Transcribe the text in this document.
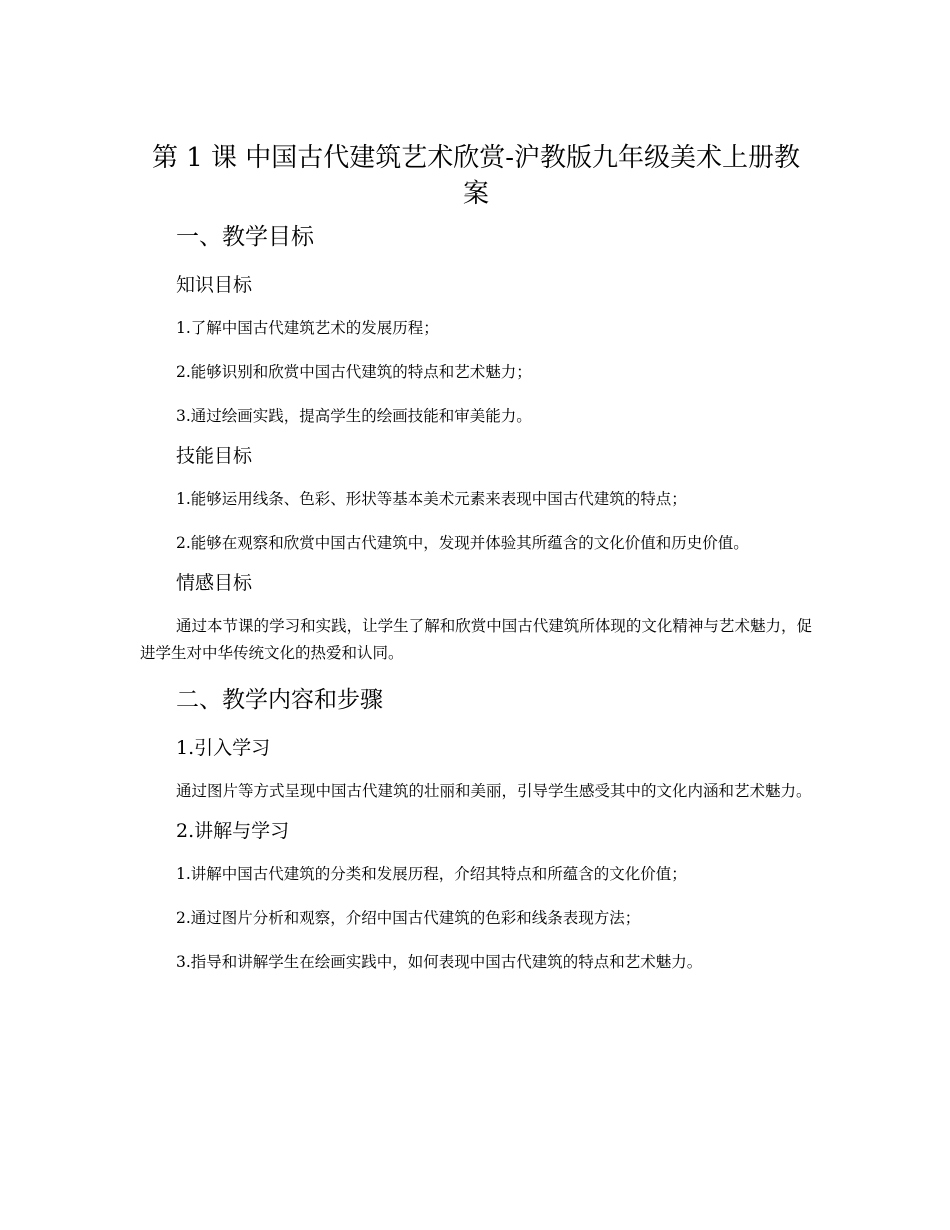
第 1 课 中国古代建筑艺术欣赏-沪教版九年级美术上册教案
一、教学目标
知识目标

1.了解中国古代建筑艺术的发展历程；

2.能够识别和欣赏中国古代建筑的特点和艺术魅力；

3.通过绘画实践，提高学生的绘画技能和审美能力。

技能目标

1.能够运用线条、色彩、形状等基本美术元素来表现中国古代建筑的特点；

2.能够在观察和欣赏中国古代建筑中，发现并体验其所蕴含的文化价值和历史价值。

情感目标

通过本节课的学习和实践，让学生了解和欣赏中国古代建筑所体现的文化精神与艺术魅力，促进学生对中华传统文化的热爱和认同。

二、教学内容和步骤
1.引入学习

通过图片等方式呈现中国古代建筑的壮丽和美丽，引导学生感受其中的文化内涵和艺术魅力。

2.讲解与学习

1.讲解中国古代建筑的分类和发展历程，介绍其特点和所蕴含的文化价值；

2.通过图片分析和观察，介绍中国古代建筑的色彩和线条表现方法；

3.指导和讲解学生在绘画实践中，如何表现中国古代建筑的特点和艺术魅力。
